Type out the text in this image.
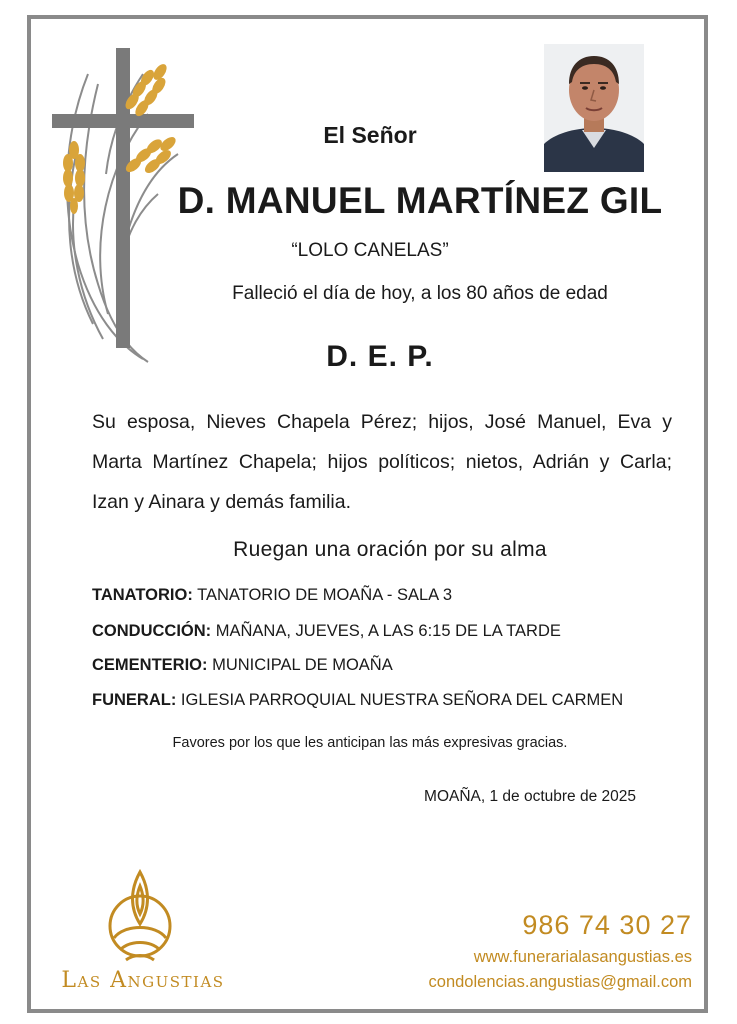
El Señor
D. MANUEL MARTÍNEZ GIL
“LOLO CANELAS”
Falleció el día de hoy, a los 80 años de edad
D. E. P.
Su esposa, Nieves Chapela Pérez; hijos, José Manuel, Eva y Marta Martínez Chapela; hijos políticos; nietos, Adrián y Carla; Izan y Ainara y demás familia.
Ruegan una oración por su alma
TANATORIO: TANATORIO DE MOAÑA - SALA 3
CONDUCCIÓN: MAÑANA, JUEVES, A LAS 6:15 DE LA TARDE
CEMENTERIO: MUNICIPAL DE MOAÑA
FUNERAL: IGLESIA PARROQUIAL NUESTRA SEÑORA DEL CARMEN
Favores por los que les anticipan las más expresivas gracias.
MOAÑA, 1 de octubre de 2025
Las Angustias
986 74 30 27
www.funerarialasangustias.es
condolencias.angustias@gmail.com
